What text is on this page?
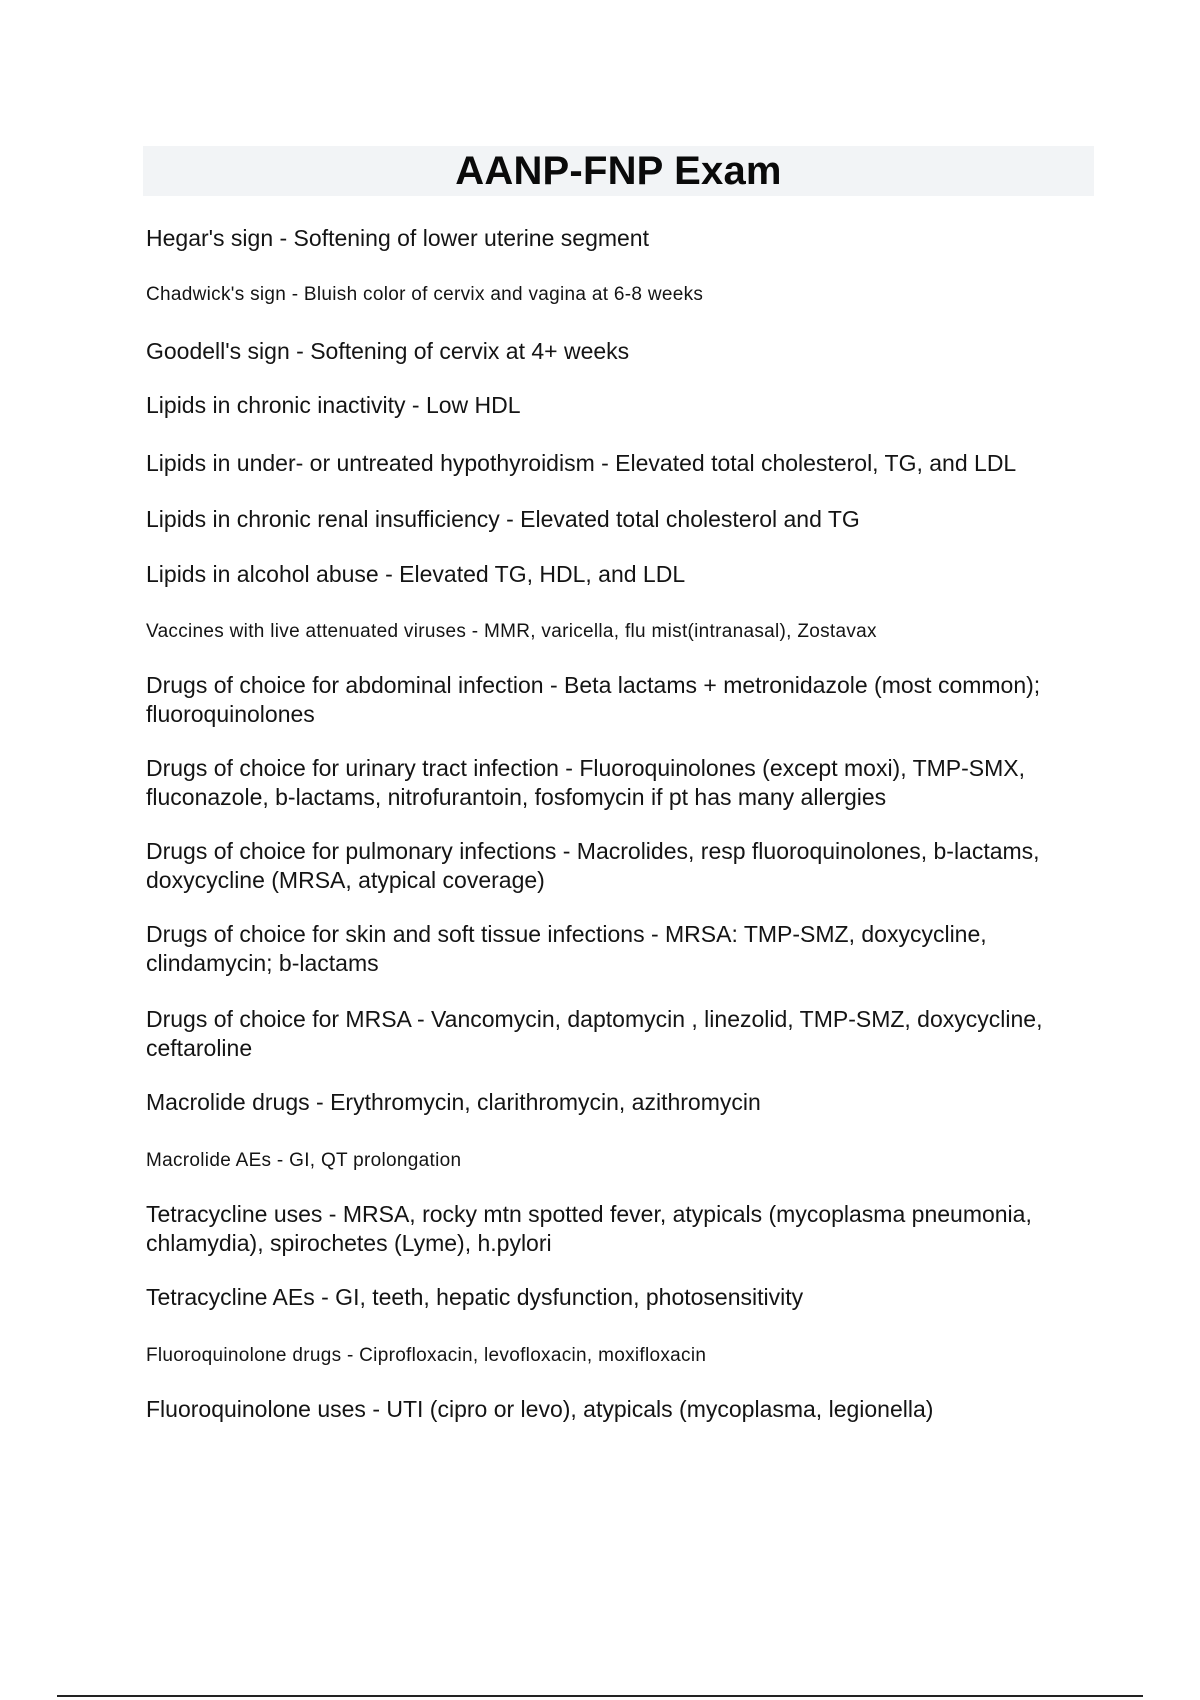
AANP-FNP Exam
Hegar's sign - Softening of lower uterine segment
Chadwick's sign - Bluish color of cervix and vagina at 6-8 weeks
Goodell's sign - Softening of cervix at 4+ weeks
Lipids in chronic inactivity - Low HDL
Lipids in under- or untreated hypothyroidism - Elevated total cholesterol, TG, and LDL
Lipids in chronic renal insufficiency - Elevated total cholesterol and TG
Lipids in alcohol abuse - Elevated TG, HDL, and LDL
Vaccines with live attenuated viruses - MMR, varicella, flu mist(intranasal), Zostavax
Drugs of choice for abdominal infection - Beta lactams + metronidazole (most common); fluoroquinolones
Drugs of choice for urinary tract infection - Fluoroquinolones (except moxi), TMP-SMX, fluconazole, b-lactams, nitrofurantoin, fosfomycin if pt has many allergies
Drugs of choice for pulmonary infections - Macrolides, resp fluoroquinolones, b-lactams, doxycycline (MRSA, atypical coverage)
Drugs of choice for skin and soft tissue infections - MRSA: TMP-SMZ, doxycycline, clindamycin; b-lactams
Drugs of choice for MRSA - Vancomycin, daptomycin , linezolid, TMP-SMZ, doxycycline, ceftaroline
Macrolide drugs - Erythromycin, clarithromycin, azithromycin
Macrolide AEs - GI, QT prolongation
Tetracycline uses - MRSA, rocky mtn spotted fever, atypicals (mycoplasma pneumonia, chlamydia), spirochetes (Lyme), h.pylori
Tetracycline AEs - GI, teeth, hepatic dysfunction, photosensitivity
Fluoroquinolone drugs - Ciprofloxacin, levofloxacin, moxifloxacin
Fluoroquinolone uses - UTI (cipro or levo), atypicals (mycoplasma, legionella)
